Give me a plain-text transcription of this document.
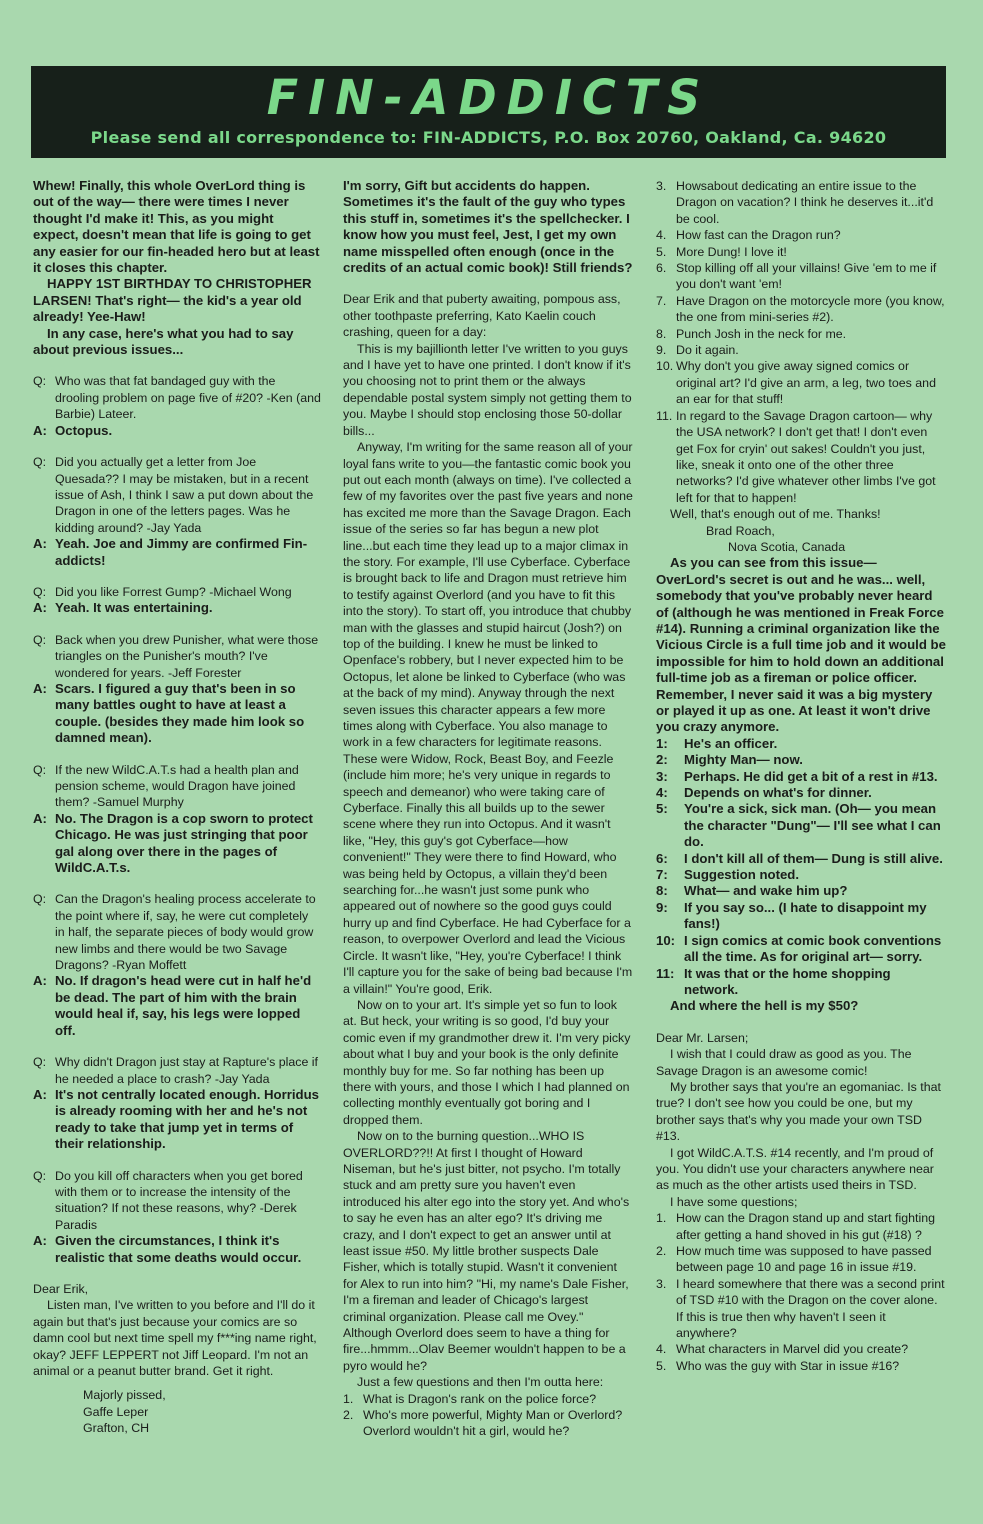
FIN-ADDICTS
Please send all correspondence to: FIN-ADDICTS, P.O. Box 20760, Oakland, Ca. 94620

Whew! Finally, this whole OverLord thing is out of the way— there were times I never thought I'd make it! This, as you might expect, doesn't mean that life is going to get any easier for our fin-headed hero but at least it closes this chapter.

HAPPY 1ST BIRTHDAY TO CHRISTOPHER LARSEN! That's right— the kid's a year old already! Yee-Haw!

In any case, here's what you had to say about previous issues...

Q: Who was that fat bandaged guy with the drooling problem on page five of #20? -Ken (and Barbie) Lateer.
A: Octopus.
Q: Did you actually get a letter from Joe Quesada?? I may be mistaken, but in a recent issue of Ash, I think I saw a put down about the Dragon in one of the letters pages. Was he kidding around? -Jay Yada
A: Yeah. Joe and Jimmy are confirmed Fin-addicts!
Q: Did you like Forrest Gump? -Michael Wong
A: Yeah. It was entertaining.
Q: Back when you drew Punisher, what were those triangles on the Punisher's mouth? I've wondered for years. -Jeff Forester
A: Scars. I figured a guy that's been in so many battles ought to have at least a couple. (besides they made him look so damned mean).
Q: If the new WildC.A.T.s had a health plan and pension scheme, would Dragon have joined them? -Samuel Murphy
A: No. The Dragon is a cop sworn to protect Chicago. He was just stringing that poor gal along over there in the pages of WildC.A.T.s.
Q: Can the Dragon's healing process accelerate to the point where if, say, he were cut completely in half, the separate pieces of body would grow new limbs and there would be two Savage Dragons? -Ryan Moffett
A: No. If dragon's head were cut in half he'd be dead. The part of him with the brain would heal if, say, his legs were lopped off.
Q: Why didn't Dragon just stay at Rapture's place if he needed a place to crash? -Jay Yada
A: It's not centrally located enough. Horridus is already rooming with her and he's not ready to take that jump yet in terms of their relationship.
Q: Do you kill off characters when you get bored with them or to increase the intensity of the situation? If not these reasons, why? -Derek Paradis
A: Given the circumstances, I think it's realistic that some deaths would occur.

Dear Erik,

Listen man, I've written to you before and I'll do it again but that's just because your comics are so damn cool but next time spell my f***ing name right, okay? JEFF LEPPERT not Jiff Leopard. I'm not an animal or a peanut butter brand. Get it right.

Majorly pissed,

Gaffe Leper

Grafton, CH

I'm sorry, Gift but accidents do happen. Sometimes it's the fault of the guy who types this stuff in, sometimes it's the spellchecker. I know how you must feel, Jest, I get my own name misspelled often enough (once in the credits of an actual comic book)! Still friends?

Dear Erik and that puberty awaiting, pompous ass, other toothpaste preferring, Kato Kaelin couch crashing, queen for a day:

This is my bajillionth letter I've written to you guys and I have yet to have one printed. I don't know if it's you choosing not to print them or the always dependable postal system simply not getting them to you. Maybe I should stop enclosing those 50-dollar bills...

Anyway, I'm writing for the same reason all of your loyal fans write to you—the fantastic comic book you put out each month (always on time). I've collected a few of my favorites over the past five years and none has excited me more than the Savage Dragon. Each issue of the series so far has begun a new plot line...but each time they lead up to a major climax in the story. For example, I'll use Cyberface. Cyberface is brought back to life and Dragon must retrieve him to testify against Overlord (and you have to fit this into the story). To start off, you introduce that chubby man with the glasses and stupid haircut (Josh?) on top of the building. I knew he must be linked to Openface's robbery, but I never expected him to be Octopus, let alone be linked to Cyberface (who was at the back of my mind). Anyway through the next seven issues this character appears a few more times along with Cyberface. You also manage to work in a few characters for legitimate reasons. These were Widow, Rock, Beast Boy, and Feezle (include him more; he's very unique in regards to speech and demeanor) who were taking care of Cyberface. Finally this all builds up to the sewer scene where they run into Octopus. And it wasn't like, "Hey, this guy's got Cyberface—how convenient!" They were there to find Howard, who was being held by Octopus, a villain they'd been searching for...he wasn't just some punk who appeared out of nowhere so the good guys could hurry up and find Cyberface. He had Cyberface for a reason, to overpower Overlord and lead the Vicious Circle. It wasn't like, "Hey, you're Cyberface! I think I'll capture you for the sake of being bad because I'm a villain!" You're good, Erik.

Now on to your art. It's simple yet so fun to look at. But heck, your writing is so good, I'd buy your comic even if my grandmother drew it. I'm very picky about what I buy and your book is the only definite monthly buy for me. So far nothing has been up there with yours, and those I which I had planned on collecting monthly eventually got boring and I dropped them.

Now on to the burning question...WHO IS OVERLORD??!! At first I thought of Howard Niseman, but he's just bitter, not psycho. I'm totally stuck and am pretty sure you haven't even introduced his alter ego into the story yet. And who's to say he even has an alter ego? It's driving me crazy, and I don't expect to get an answer until at least issue #50. My little brother suspects Dale Fisher, which is totally stupid. Wasn't it convenient for Alex to run into him? "Hi, my name's Dale Fisher, I'm a fireman and leader of Chicago's largest criminal organization. Please call me Ovey." Although Overlord does seem to have a thing for fire...hmmm...Olav Beemer wouldn't happen to be a pyro would he?

Just a few questions and then I'm outta here:

1. What is Dragon's rank on the police force?
2. Who's more powerful, Mighty Man or Overlord? Overlord wouldn't hit a girl, would he?
3. Howsabout dedicating an entire issue to the Dragon on vacation? I think he deserves it...it'd be cool.
4. How fast can the Dragon run?
5. More Dung! I love it!
6. Stop killing off all your villains! Give 'em to me if you don't want 'em!
7. Have Dragon on the motorcycle more (you know, the one from mini-series #2).
8. Punch Josh in the neck for me.
9. Do it again.
10. Why don't you give away signed comics or original art? I'd give an arm, a leg, two toes and an ear for that stuff!
11. In regard to the Savage Dragon cartoon— why the USA network? I don't get that! I don't even get Fox for cryin' out sakes! Couldn't you just, like, sneak it onto one of the other three networks? I'd give whatever other limbs I've got left for that to happen!

Well, that's enough out of me. Thanks!

Brad Roach,

Nova Scotia, Canada

As you can see from this issue— OverLord's secret is out and he was... well, somebody that you've probably never heard of (although he was mentioned in Freak Force #14). Running a criminal organization like the Vicious Circle is a full time job and it would be impossible for him to hold down an additional full-time job as a fireman or police officer. Remember, I never said it was a big mystery or played it up as one. At least it won't drive you crazy anymore.

1:	He's an officer.
2:	Mighty Man— now.
3:	Perhaps. He did get a bit of a rest in #13.
4:	Depends on what's for dinner.
5:	You're a sick, sick man. (Oh— you mean the character "Dung"— I'll see what I can do.
6:	I don't kill all of them— Dung is still alive.
7:	Suggestion noted.
8:	What— and wake him up?
9:	If you say so... (I hate to disappoint my fans!)
10: I sign comics at comic book conventions all the time. As for original art— sorry.
11: It was that or the home shopping network.

And where the hell is my $50?

Dear Mr. Larsen;

I wish that I could draw as good as you. The Savage Dragon is an awesome comic!

My brother says that you're an egomaniac. Is that true? I don't see how you could be one, but my brother says that's why you made your own TSD #13.

I got WildC.A.T.S. #14 recently, and I'm proud of you. You didn't use your characters anywhere near as much as the other artists used theirs in TSD.

I have some questions;

1. How can the Dragon stand up and start fighting after getting a hand shoved in his gut (#18) ?
2. How much time was supposed to have passed between page 10 and page 16 in issue #19.
3. I heard somewhere that there was a second print of TSD #10 with the Dragon on the cover alone. If this is true then why haven't I seen it anywhere?
4. What characters in Marvel did you create?
5. Who was the guy with Star in issue #16?
